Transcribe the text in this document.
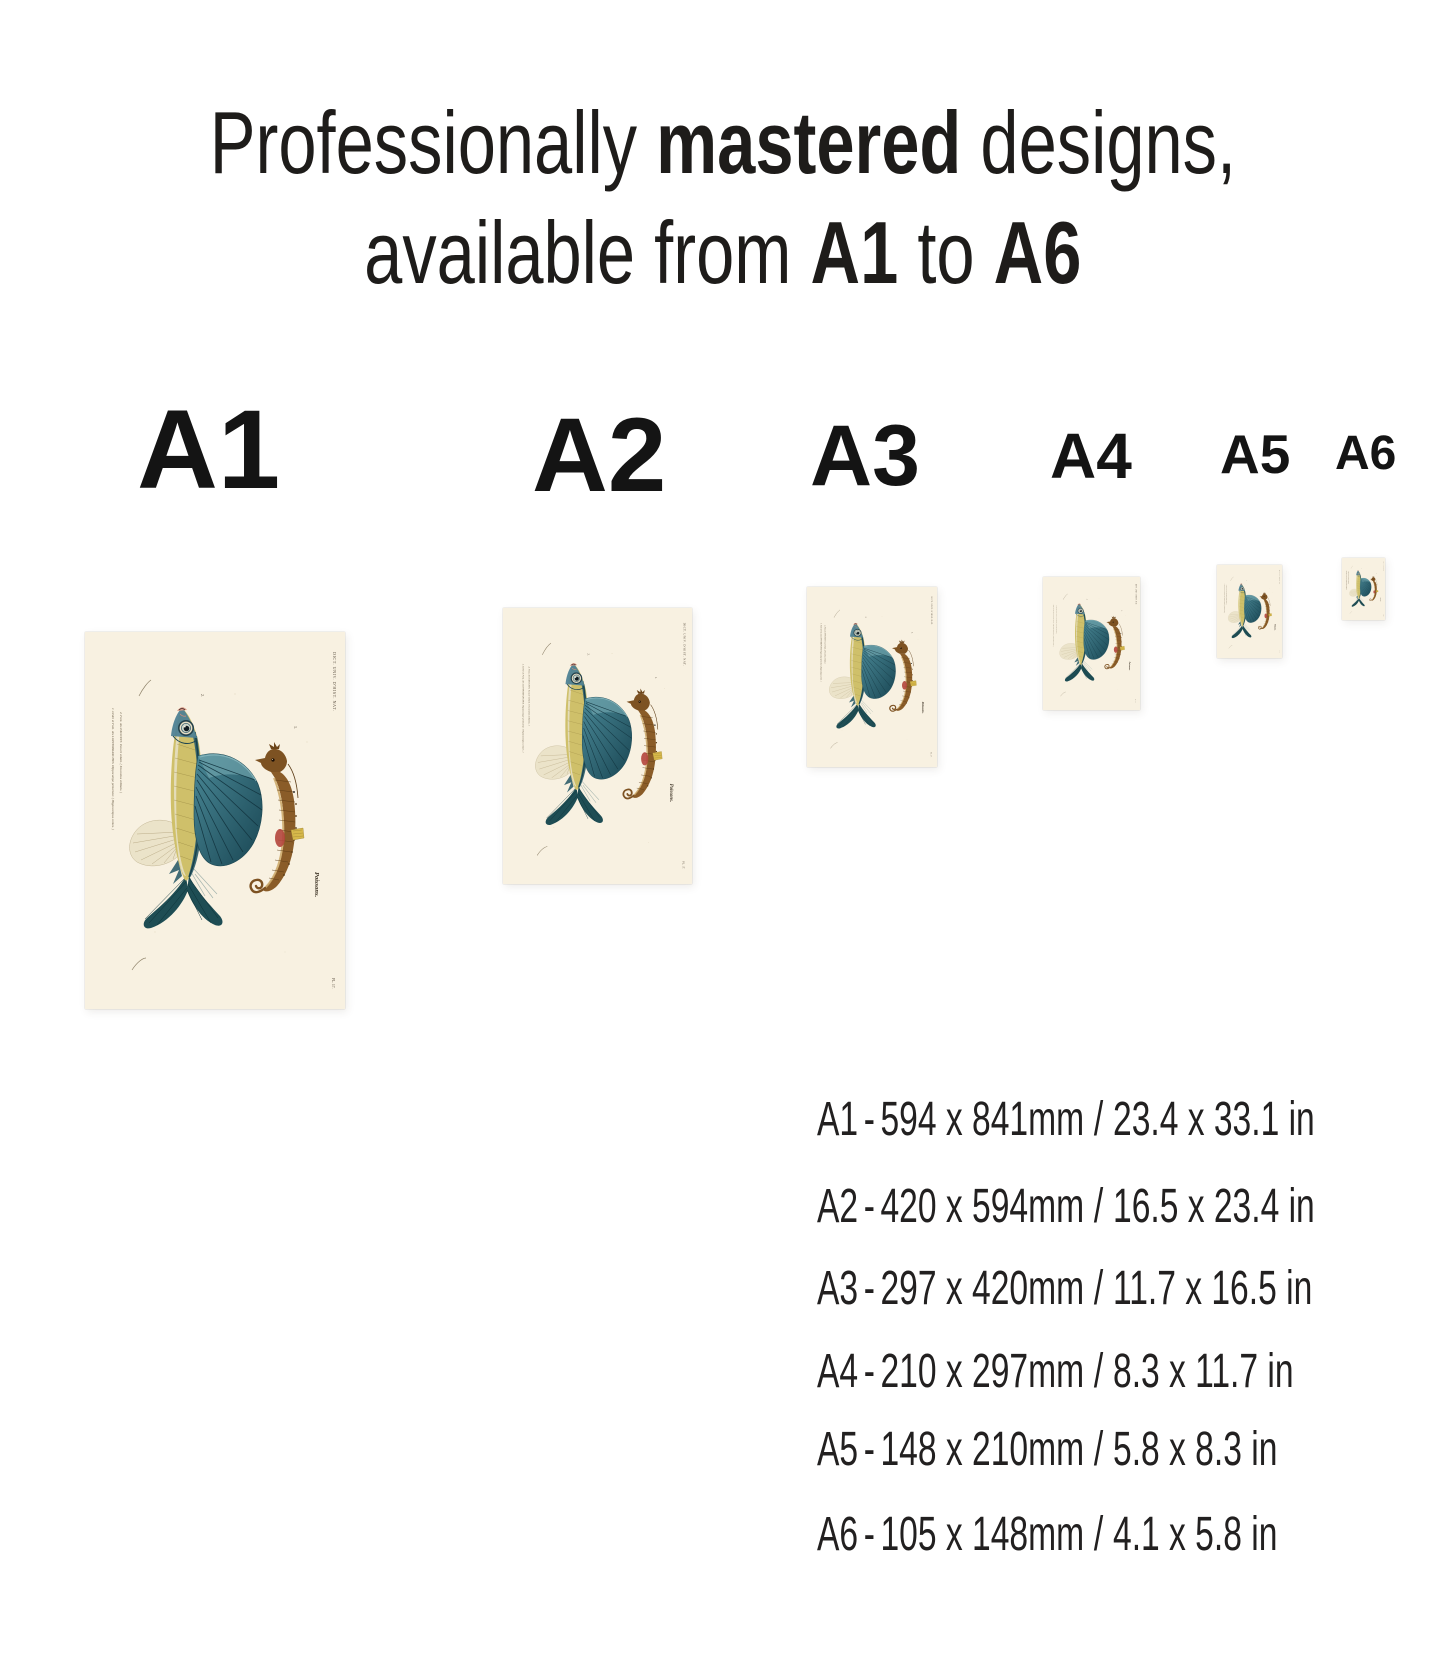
Professionally mastered designs,
available from A1 to A6
A1 A2 A3 A4 A5 A6
A1 - 594 x 841mm / 23.4 x 33.1 in
A2 - 420 x 594mm / 16.5 x 23.4 in
A3 - 297 x 420mm / 11.7 x 16.5 in
A4 - 210 x 297mm / 8.3 x 11.7 in
A5 - 148 x 210mm / 5.8 x 8.3 in
A6 - 105 x 148mm / 4.1 x 5.8 in
